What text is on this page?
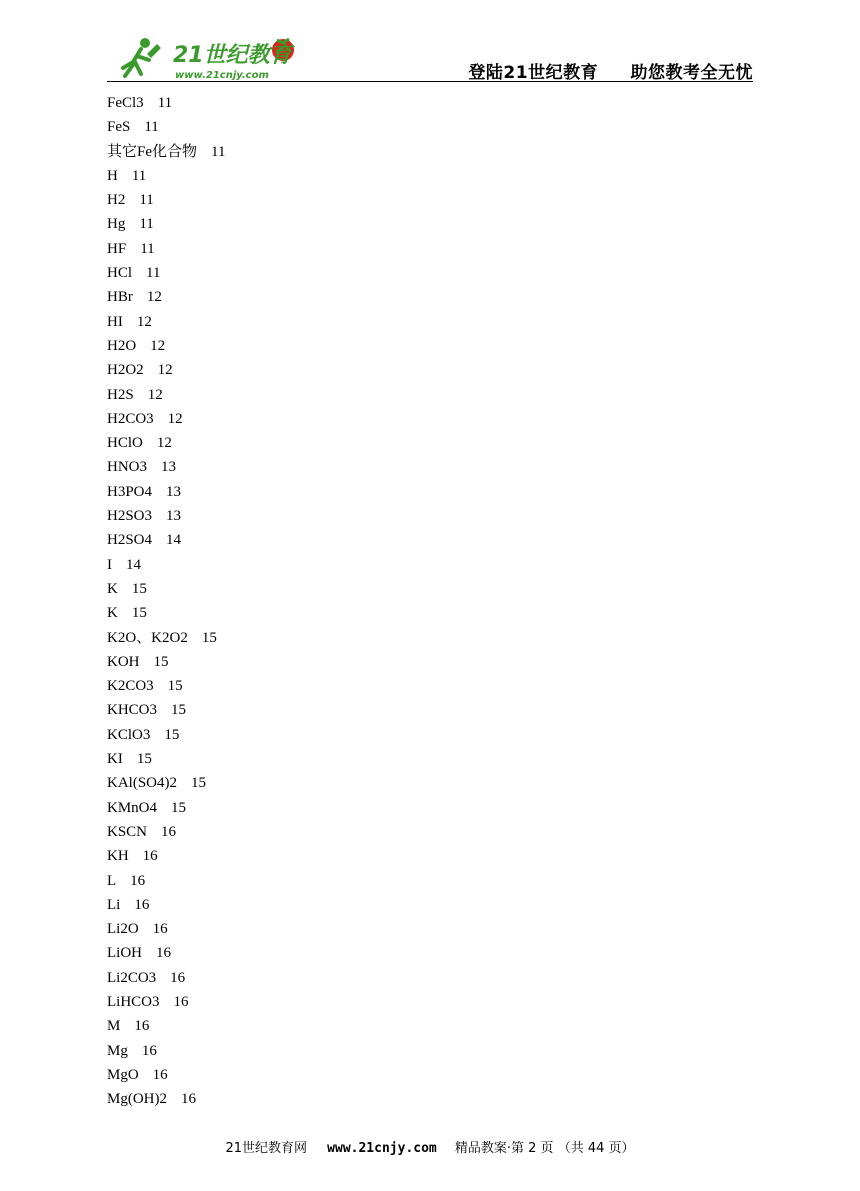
21世纪教育
www.21cnjy.com	登陆21世纪教育 助您教考全无忧
FeCl3 11
FeS 11
其它Fe化合物 11
H 11
H2 11
Hg 11
HF 11
HCl 11
HBr 12
HI 12
H2O 12
H2O2 12
H2S 12
H2CO3 12
HClO 12
HNO3 13
H3PO4 13
H2SO3 13
H2SO4 14
I 14
K 15
K 15
K2O、K2O2 15
KOH 15
K2CO3 15
KHCO3 15
KClO3 15
KI 15
KAl(SO4)2 15
KMnO4 15
KSCN 16
KH 16
L 16
Li 16
Li2O 16
LiOH 16
Li2CO3 16
LiHCO3 16
M 16
Mg 16
MgO 16
Mg(OH)2 16
21世纪教育网 www.21cnjy.com 精品教案·第 2 页 （共 44 页）
